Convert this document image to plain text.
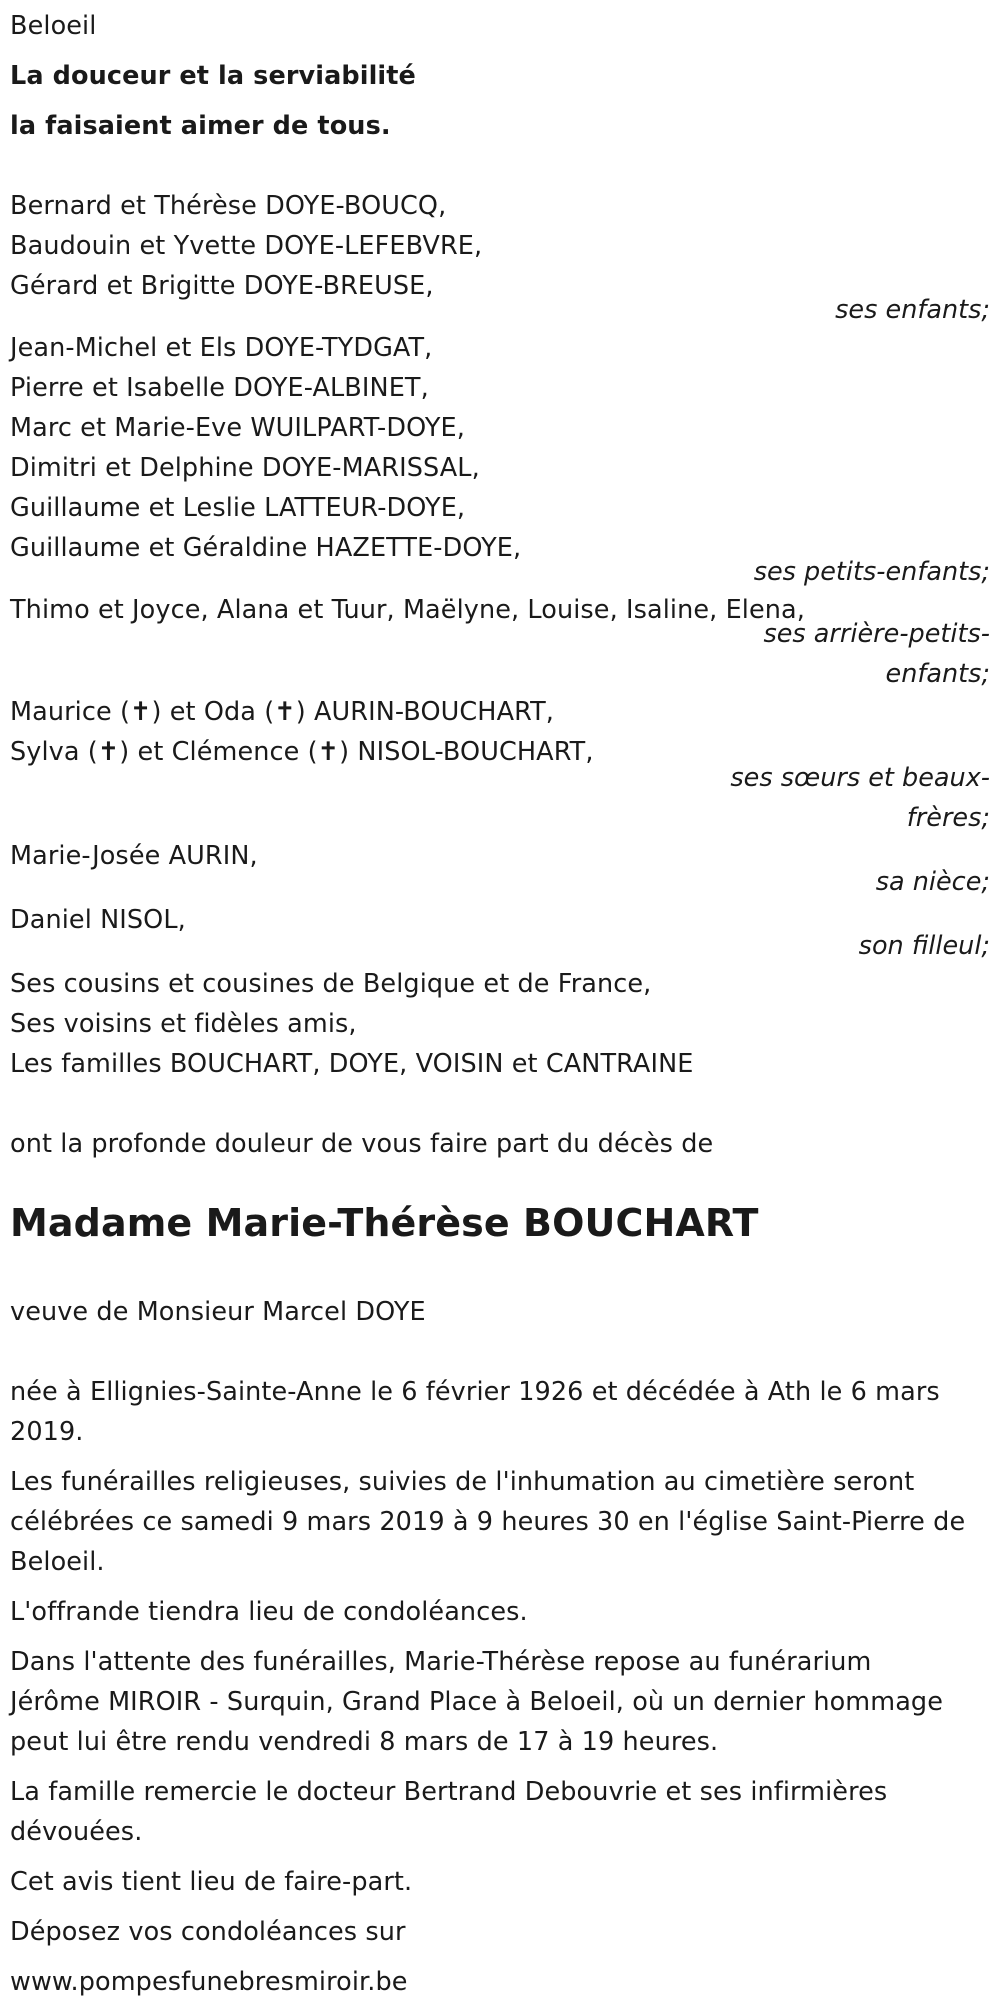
Beloeil
La douceur et la serviabilité
la faisaient aimer de tous.
Bernard et Thérèse DOYE-BOUCQ,
Baudouin et Yvette DOYE-LEFEBVRE,
Gérard et Brigitte DOYE-BREUSE,
ses enfants;
Jean-Michel et Els DOYE-TYDGAT,
Pierre et Isabelle DOYE-ALBINET,
Marc et Marie-Eve WUILPART-DOYE,
Dimitri et Delphine DOYE-MARISSAL,
Guillaume et Leslie LATTEUR-DOYE,
Guillaume et Géraldine HAZETTE-DOYE,
ses petits-enfants;
Thimo et Joyce, Alana et Tuur, Maëlyne, Louise, Isaline, Elena,
ses arrière-petits-
enfants;
Maurice (✝) et Oda (✝) AURIN-BOUCHART,
Sylva (✝) et Clémence (✝) NISOL-BOUCHART,
ses sœurs et beaux-
frères;
Marie-Josée AURIN,
sa nièce;
Daniel NISOL,
son filleul;
Ses cousins et cousines de Belgique et de France,
Ses voisins et fidèles amis,
Les familles BOUCHART, DOYE, VOISIN et CANTRAINE
ont la profonde douleur de vous faire part du décès de
Madame Marie-Thérèse BOUCHART
veuve de Monsieur Marcel DOYE
née à Ellignies-Sainte-Anne le 6 février 1926 et décédée à Ath le 6 mars
2019.
Les funérailles religieuses, suivies de l'inhumation au cimetière seront
célébrées ce samedi 9 mars 2019 à 9 heures 30 en l'église Saint-Pierre de
Beloeil.
L'offrande tiendra lieu de condoléances.
Dans l'attente des funérailles, Marie-Thérèse repose au funérarium
Jérôme MIROIR - Surquin, Grand Place à Beloeil, où un dernier hommage
peut lui être rendu vendredi 8 mars de 17 à 19 heures.
La famille remercie le docteur Bertrand Debouvrie et ses infirmières
dévouées.
Cet avis tient lieu de faire-part.
Déposez vos condoléances sur
www.pompesfunebresmiroir.be
